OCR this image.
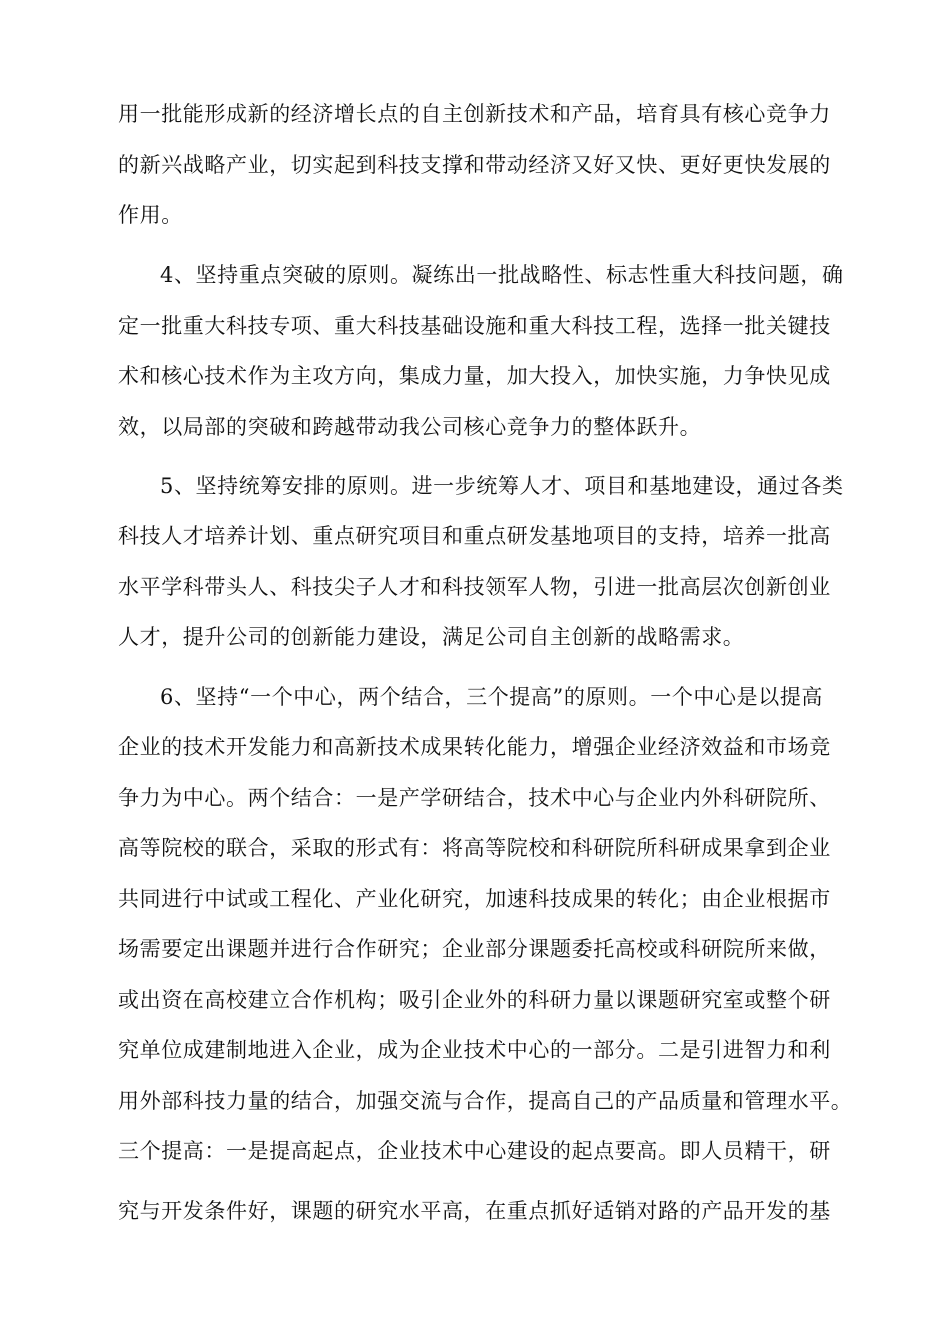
用一批能形成新的经济增长点的自主创新技术和产品，培育具有核心竞争力
的新兴战略产业，切实起到科技支撑和带动经济又好又快、更好更快发展的
作用。
4、坚持重点突破的原则。凝练出一批战略性、标志性重大科技问题，确
定一批重大科技专项、重大科技基础设施和重大科技工程，选择一批关键技
术和核心技术作为主攻方向，集成力量，加大投入，加快实施，力争快见成
效，以局部的突破和跨越带动我公司核心竞争力的整体跃升。
5、坚持统筹安排的原则。进一步统筹人才、项目和基地建设，通过各类
科技人才培养计划、重点研究项目和重点研发基地项目的支持，培养一批高
水平学科带头人、科技尖子人才和科技领军人物，引进一批高层次创新创业
人才，提升公司的创新能力建设，满足公司自主创新的战略需求。
6、坚持“一个中心，两个结合，三个提高”的原则。一个中心是以提高
企业的技术开发能力和高新技术成果转化能力，增强企业经济效益和市场竞
争力为中心。两个结合：一是产学研结合，技术中心与企业内外科研院所、
高等院校的联合，采取的形式有：将高等院校和科研院所科研成果拿到企业
共同进行中试或工程化、产业化研究，加速科技成果的转化；由企业根据市
场需要定出课题并进行合作研究；企业部分课题委托高校或科研院所来做，
或出资在高校建立合作机构；吸引企业外的科研力量以课题研究室或整个研
究单位成建制地进入企业，成为企业技术中心的一部分。二是引进智力和利
用外部科技力量的结合，加强交流与合作，提高自己的产品质量和管理水平。
三个提高：一是提高起点，企业技术中心建设的起点要高。即人员精干，研
究与开发条件好，课题的研究水平高，在重点抓好适销对路的产品开发的基
